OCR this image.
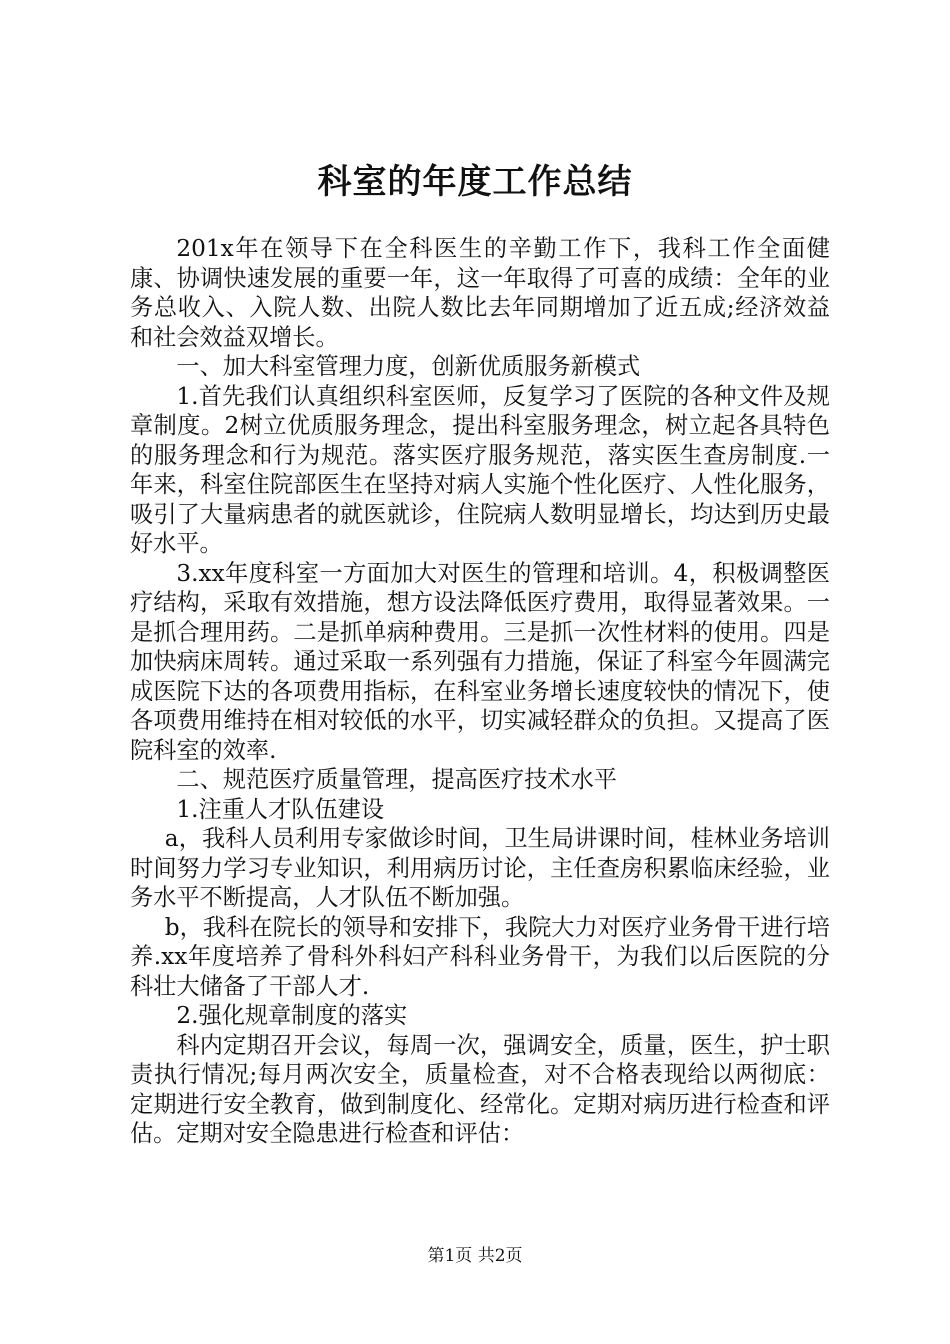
科室的年度工作总结

201x年在领导下在全科医生的辛勤工作下，我科工作全面健康、协调快速发展的重要一年，这一年取得了可喜的成绩：全年的业务总收入、入院人数、出院人数比去年同期增加了近五成;经济效益和社会效益双增长。

一、加大科室管理力度，创新优质服务新模式

1.首先我们认真组织科室医师，反复学习了医院的各种文件及规章制度。2树立优质服务理念，提出科室服务理念，树立起各具特色的服务理念和行为规范。落实医疗服务规范，落实医生查房制度.一年来，科室住院部医生在坚持对病人实施个性化医疗、人性化服务，吸引了大量病患者的就医就诊，住院病人数明显增长，均达到历史最好水平。

3.xx年度科室一方面加大对医生的管理和培训。4，积极调整医疗结构，采取有效措施，想方设法降低医疗费用，取得显著效果。一是抓合理用药。二是抓单病种费用。三是抓一次性材料的使用。四是加快病床周转。通过采取一系列强有力措施，保证了科室今年圆满完成医院下达的各项费用指标，在科室业务增长速度较快的情况下，使各项费用维持在相对较低的水平，切实减轻群众的负担。又提高了医院科室的效率.

二、规范医疗质量管理，提高医疗技术水平

1.注重人才队伍建设

a，我科人员利用专家做诊时间，卫生局讲课时间，桂林业务培训时间努力学习专业知识，利用病历讨论，主任查房积累临床经验，业务水平不断提高，人才队伍不断加强。

b，我科在院长的领导和安排下，我院大力对医疗业务骨干进行培养.xx年度培养了骨科外科妇产科科业务骨干，为我们以后医院的分科壮大储备了干部人才.

2.强化规章制度的落实

科内定期召开会议，每周一次，强调安全，质量，医生，护士职责执行情况;每月两次安全，质量检查，对不合格表现给以两彻底：定期进行安全教育，做到制度化、经常化。定期对病历进行检查和评估。定期对安全隐患进行检查和评估：

第1页 共2页
